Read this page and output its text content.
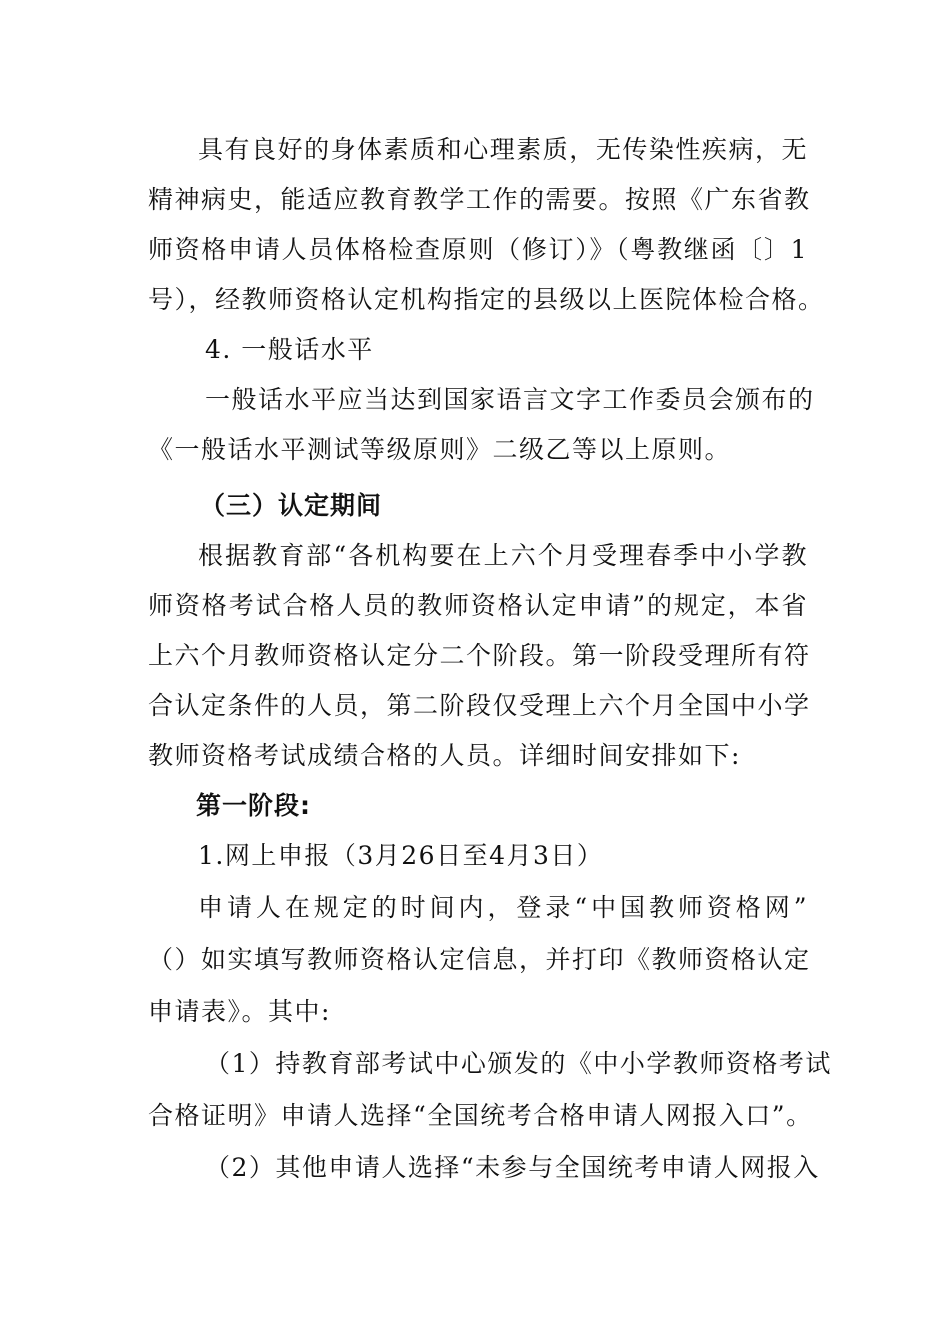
具有良好的身体素质和心理素质，无传染性疾病，无
精神病史，能适应教育教学工作的需要。按照《广东省教
师资格申请人员体格检查原则（修订）》（粤教继函〔〕1
号），经教师资格认定机构指定的县级以上医院体检合格。
4. 一般话水平
一般话水平应当达到国家语言文字工作委员会颁布的
《一般话水平测试等级原则》二级乙等以上原则。
（三）认定期间
根据教育部“各机构要在上六个月受理春季中小学教
师资格考试合格人员的教师资格认定申请”的规定，本省
上六个月教师资格认定分二个阶段。第一阶段受理所有符
合认定条件的人员，第二阶段仅受理上六个月全国中小学
教师资格考试成绩合格的人员。详细时间安排如下:
第一阶段:
1.网上申报（3月26日至4月3日）
申请人在规定的时间内，登录“中国教师资格网”
（）如实填写教师资格认定信息，并打印《教师资格认定
申请表》。其中:
（1）持教育部考试中心颁发的《中小学教师资格考试
合格证明》申请人选择“全国统考合格申请人网报入口”。
（2）其他申请人选择“未参与全国统考申请人网报入
